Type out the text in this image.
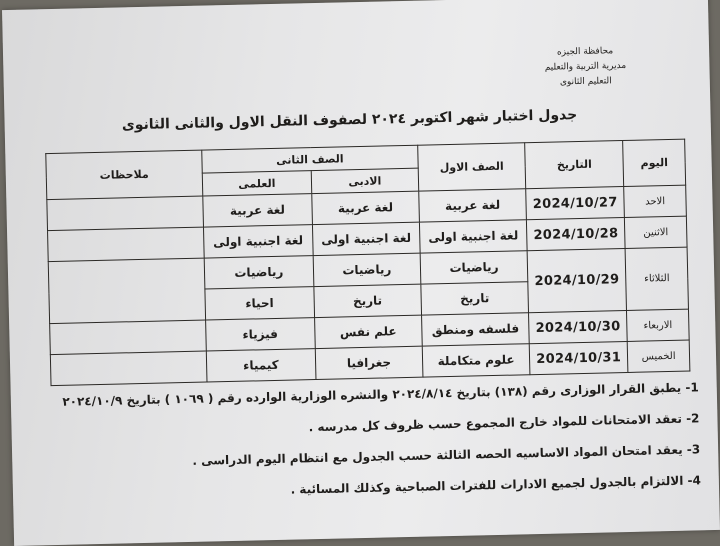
محافظة الجيزه
مديرية التربية والتعليم
التعليم الثانوى
جدول اختبار شهر اكتوبر ٢٠٢٤ لصفوف النقل الاول والثانى الثانوى
اليوم	التاريخ	الصف الاول	الصف الثانى		ملاحظات
			الادبى	العلمى	
الاحد	2024/10/27	لغة عربية	لغة عربية	لغة عربية	
الاثنين	2024/10/28	لغة اجنبية اولى	لغة اجنبية اولى	لغة اجنبية اولى	
الثلاثاء	2024/10/29	رياضيات	رياضيات	رياضيات	
		تاريخ	تاريخ	احياء	
الاربعاء	2024/10/30	فلسفه ومنطق	علم نفس	فيزياء	
الخميس	2024/10/31	علوم متكاملة	جغرافيا	كيمياء	
1- يطبق القرار الوزارى رقم (١٣٨) بتاريخ ٢٠٢٤/٨/١٤ والنشره الوزارية الوارده رقم ( ١٠٦٩ ) بتاريخ ٢٠٢٤/١٠/٩
2- تعقد الامتحانات للمواد خارج المجموع حسب ظروف كل مدرسه .
3- يعقد امتحان المواد الاساسيه الحصه الثالثة حسب الجدول مع انتظام اليوم الدراسى .
4- الالتزام بالجدول لجميع الادارات للفترات الصباحية وكذلك المسائية .
